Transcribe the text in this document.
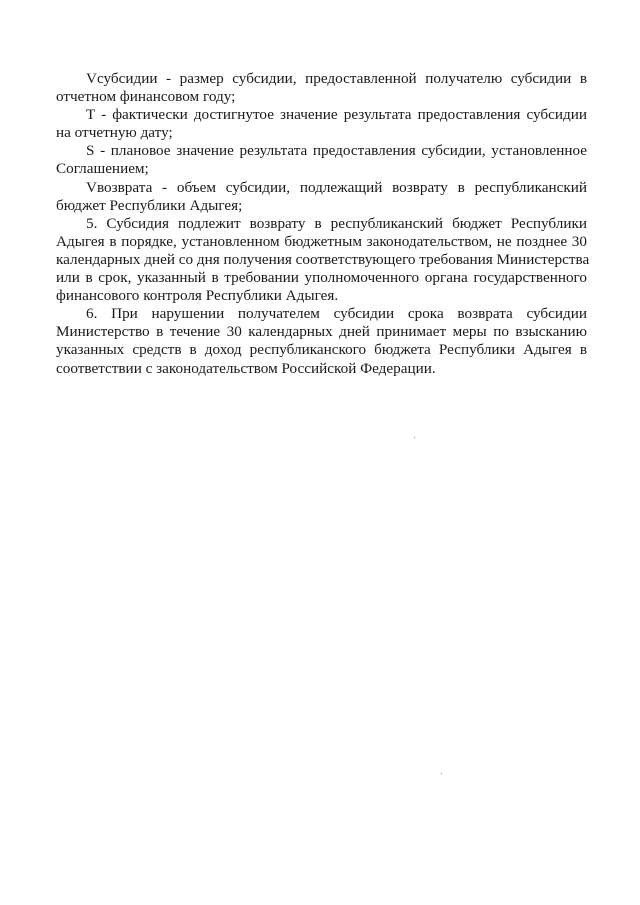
Vсубсидии - размер субсидии, предоставленной получателю субсидии в
отчетном финансовом году;

T - фактически достигнутое значение результата предоставления субсидии
на отчетную дату;

S - плановое значение результата предоставления субсидии, установленное
Соглашением;

Vвозврата - объем субсидии, подлежащий возврату в республиканский
бюджет Республики Адыгея;

5. Субсидия подлежит возврату в республиканский бюджет Республики
Адыгея в порядке, установленном бюджетным законодательством, не позднее 30
календарных дней со дня получения соответствующего требования Министерства
или в срок, указанный в требовании уполномоченного органа государственного
финансового контроля Республики Адыгея.

6. При нарушении получателем субсидии срока возврата субсидии
Министерство в течение 30 календарных дней принимает меры по взысканию
указанных средств в доход республиканского бюджета Республики Адыгея в
соответствии с законодательством Российской Федерации.
